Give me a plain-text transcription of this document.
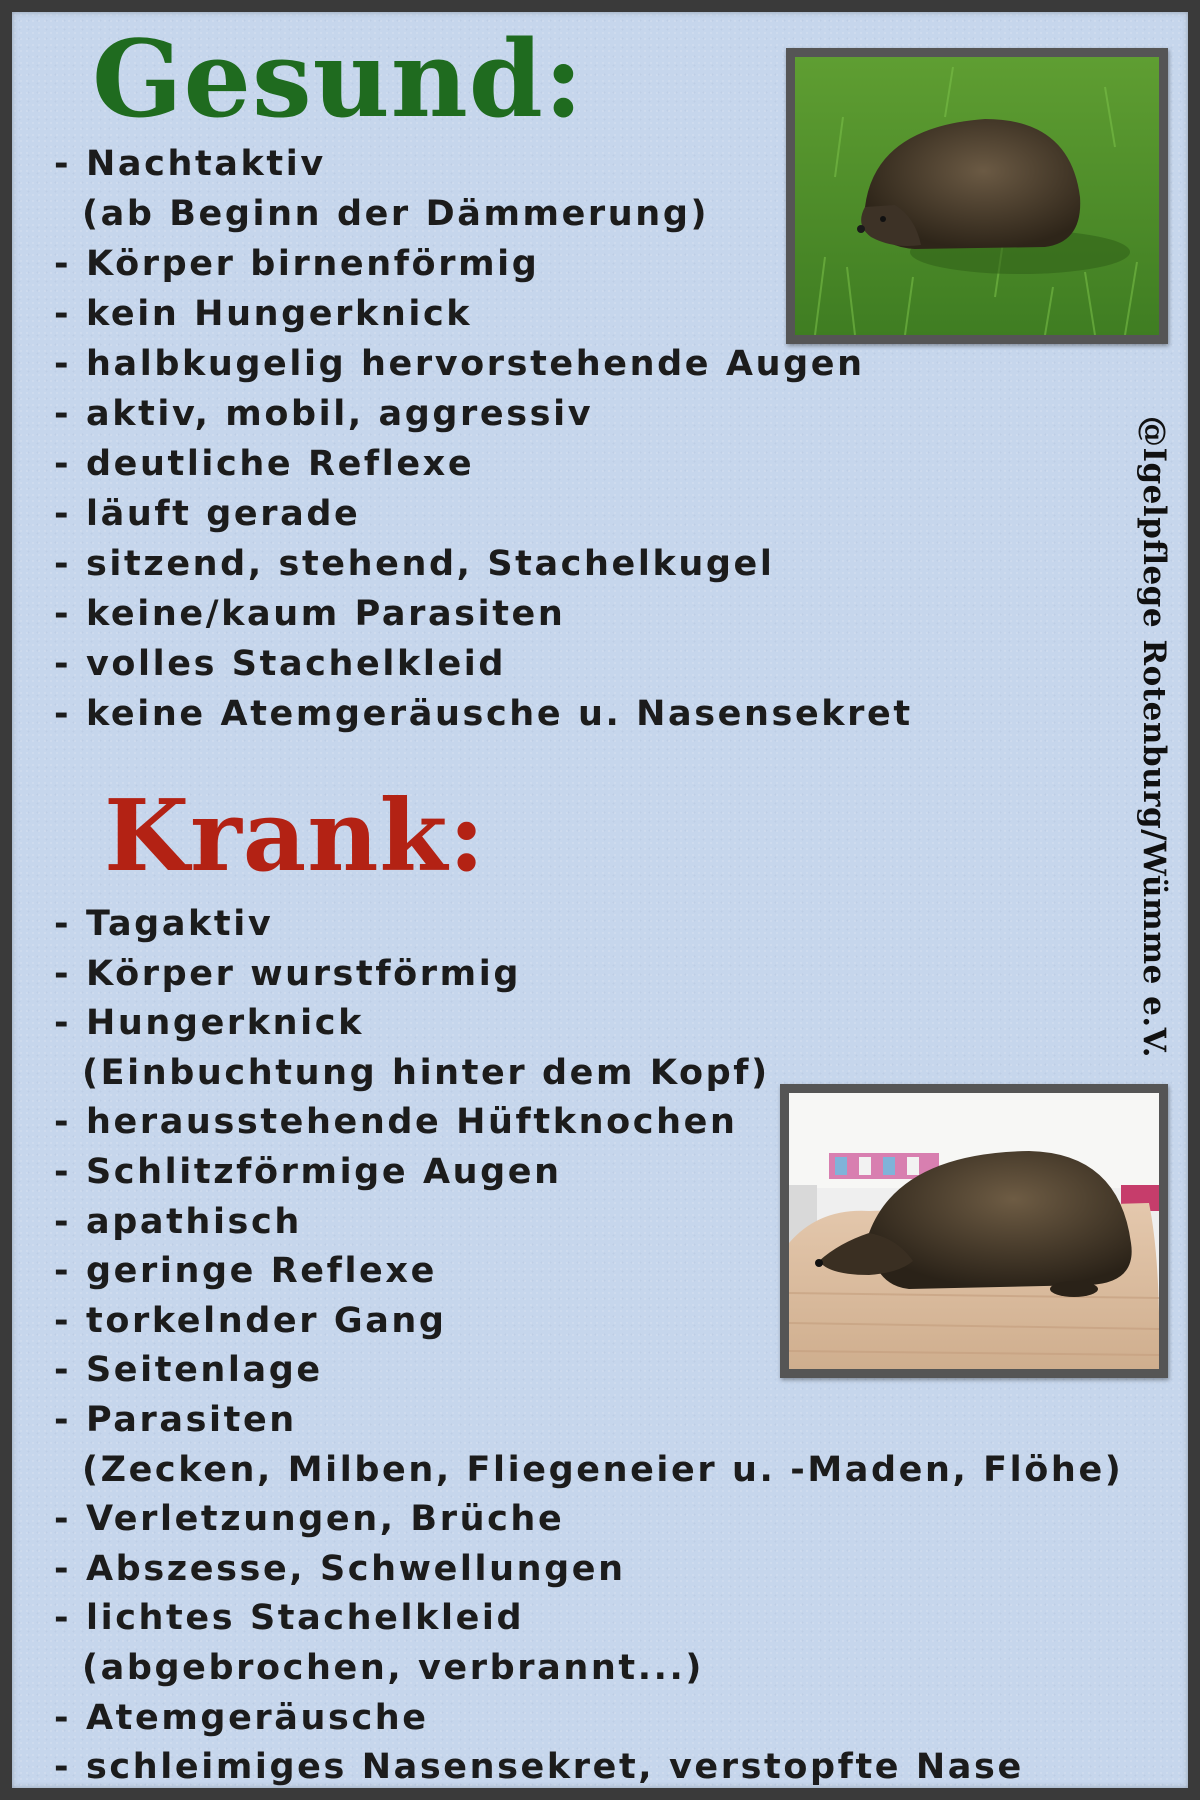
Gesund:
- Nachtaktiv
(ab Beginn der Dämmerung)
- Körper birnenförmig
- kein Hungerknick
- halbkugelig hervorstehende Augen
- aktiv, mobil, aggressiv
- deutliche Reflexe
- läuft gerade
- sitzend, stehend, Stachelkugel
- keine/kaum Parasiten
- volles Stachelkleid
- keine Atemgeräusche u. Nasensekret
Krank:
- Tagaktiv
- Körper wurstförmig
- Hungerknick
(Einbuchtung hinter dem Kopf)
- herausstehende Hüftknochen
- Schlitzförmige Augen
- apathisch
- geringe Reflexe
- torkelnder Gang
- Seitenlage
- Parasiten
(Zecken, Milben, Fliegeneier u. -Maden, Flöhe)
- Verletzungen, Brüche
- Abszesse, Schwellungen
- lichtes Stachelkleid
(abgebrochen, verbrannt...)
- Atemgeräusche
- schleimiges Nasensekret, verstopfte Nase
@Igelpflege Rotenburg/Wümme e.V.
